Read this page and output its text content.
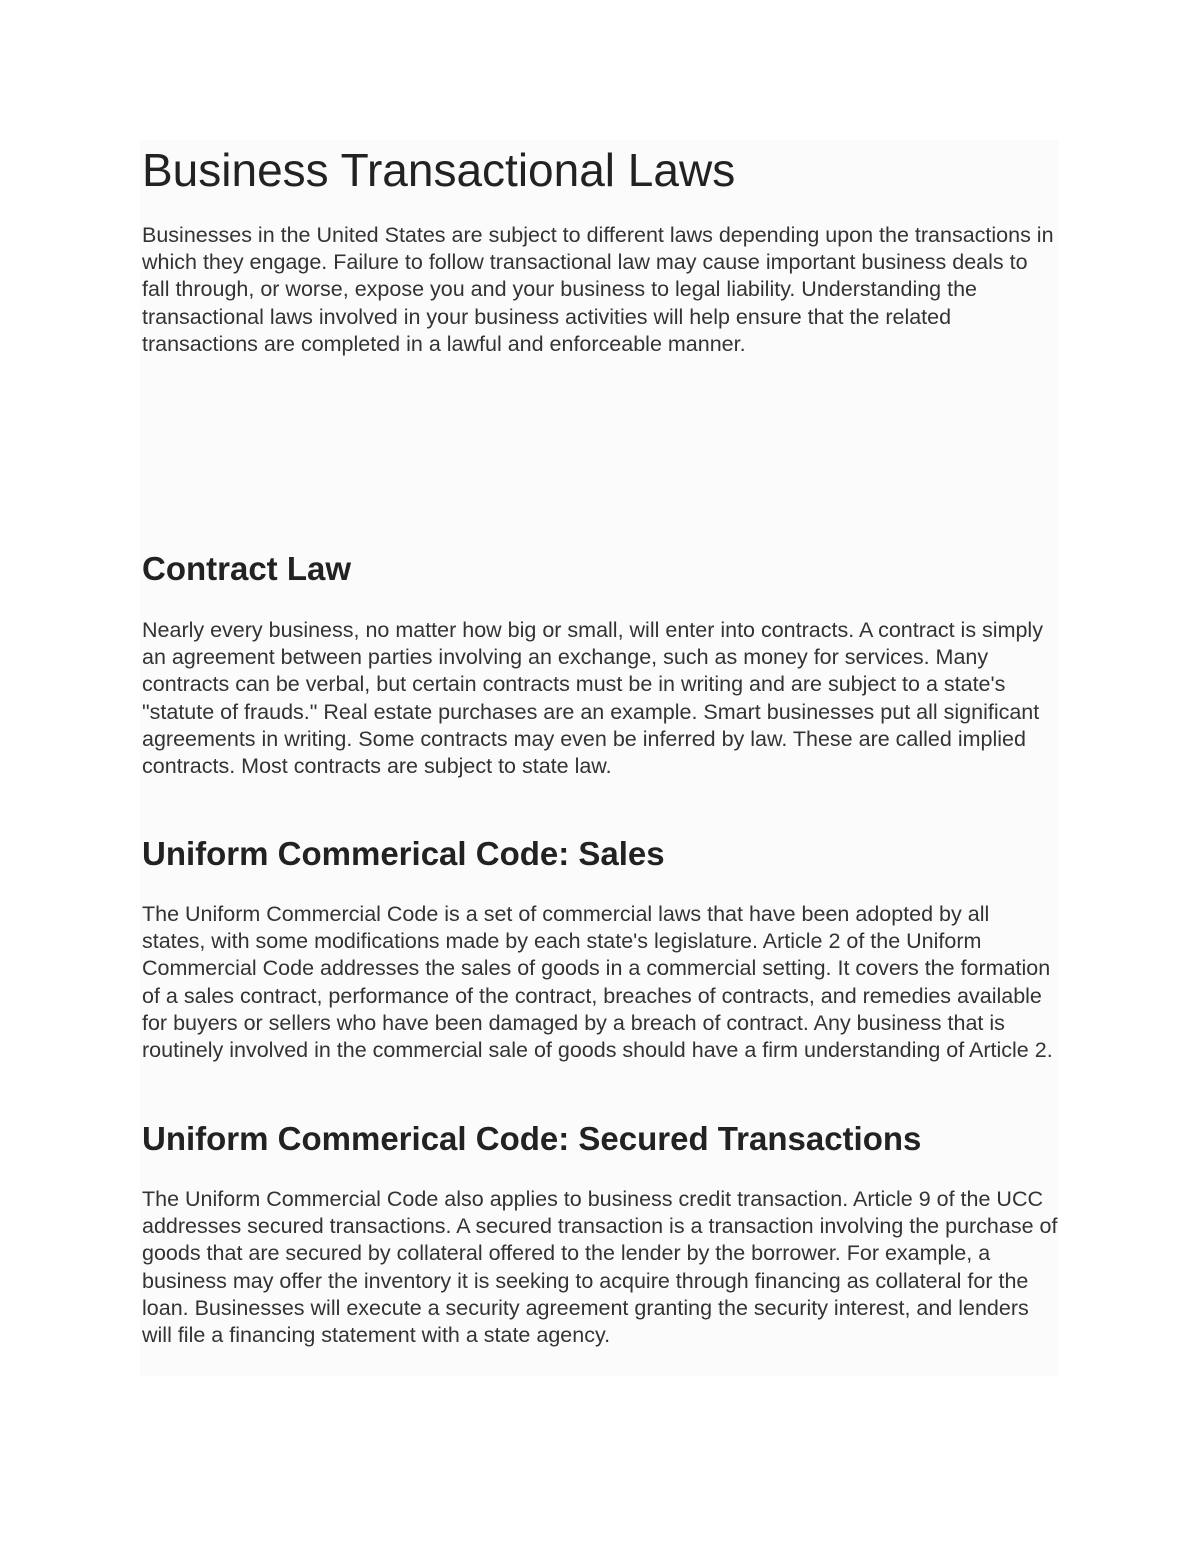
Business Transactional Laws

Businesses in the United States are subject to different laws depending upon the transactions in which they engage. Failure to follow transactional law may cause important business deals to fall through, or worse, expose you and your business to legal liability. Understanding the transactional laws involved in your business activities will help ensure that the related transactions are completed in a lawful and enforceable manner.

Contract Law

Nearly every business, no matter how big or small, will enter into contracts. A contract is simply an agreement between parties involving an exchange, such as money for services. Many contracts can be verbal, but certain contracts must be in writing and are subject to a state's "statute of frauds." Real estate purchases are an example. Smart businesses put all significant agreements in writing. Some contracts may even be inferred by law. These are called implied contracts. Most contracts are subject to state law.

Uniform Commerical Code: Sales

The Uniform Commercial Code is a set of commercial laws that have been adopted by all states, with some modifications made by each state's legislature. Article 2 of the Uniform Commercial Code addresses the sales of goods in a commercial setting. It covers the formation of a sales contract, performance of the contract, breaches of contracts, and remedies available for buyers or sellers who have been damaged by a breach of contract. Any business that is routinely involved in the commercial sale of goods should have a firm understanding of Article 2.

Uniform Commerical Code: Secured Transactions

The Uniform Commercial Code also applies to business credit transaction. Article 9 of the UCC addresses secured transactions. A secured transaction is a transaction involving the purchase of goods that are secured by collateral offered to the lender by the borrower. For example, a business may offer the inventory it is seeking to acquire through financing as collateral for the loan. Businesses will execute a security agreement granting the security interest, and lenders will file a financing statement with a state agency.
